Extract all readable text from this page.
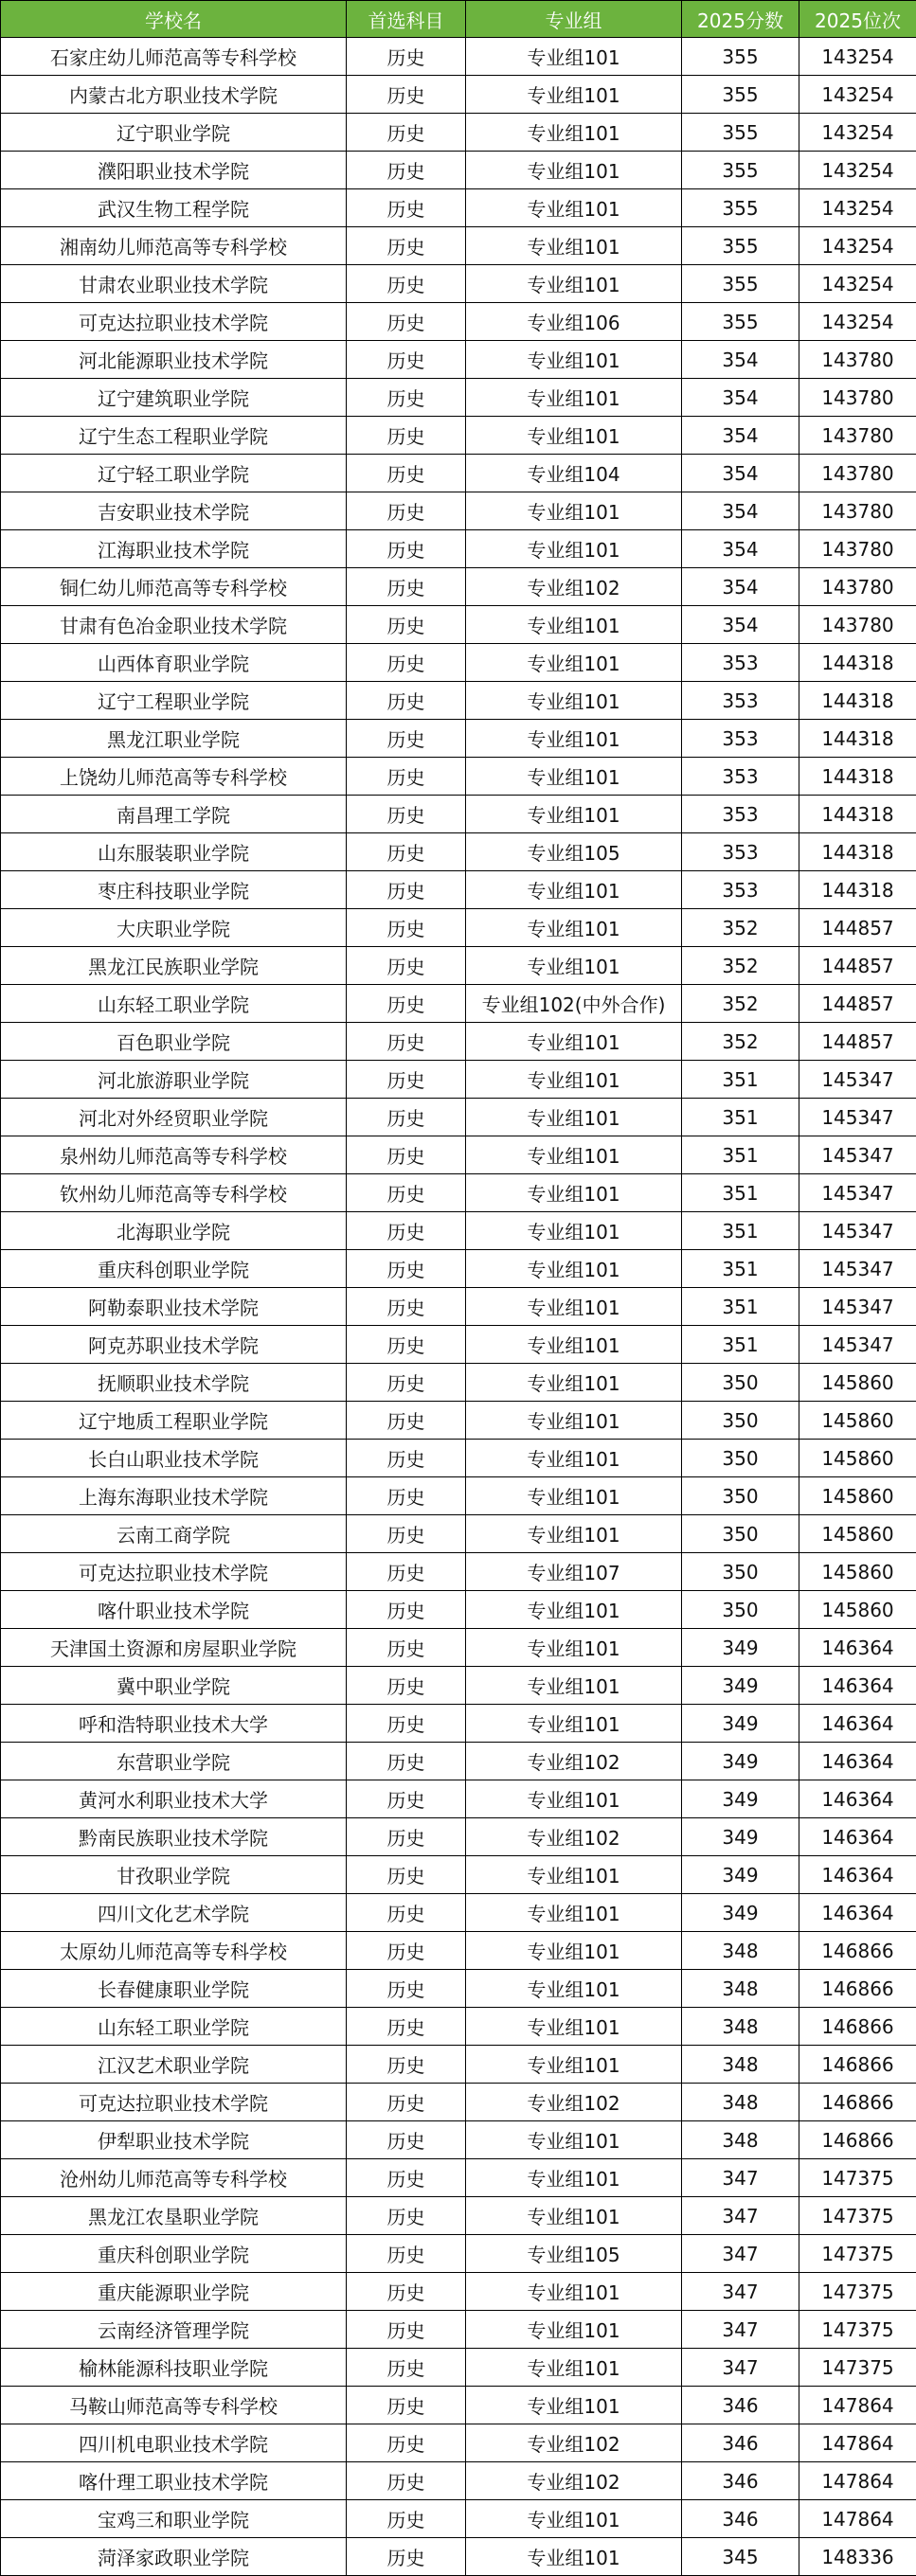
学校名	首选科目	专业组	2025分数	2025位次
石家庄幼儿师范高等专科学校	历史	专业组101	355	143254
内蒙古北方职业技术学院	历史	专业组101	355	143254
辽宁职业学院	历史	专业组101	355	143254
濮阳职业技术学院	历史	专业组101	355	143254
武汉生物工程学院	历史	专业组101	355	143254
湘南幼儿师范高等专科学校	历史	专业组101	355	143254
甘肃农业职业技术学院	历史	专业组101	355	143254
可克达拉职业技术学院	历史	专业组106	355	143254
河北能源职业技术学院	历史	专业组101	354	143780
辽宁建筑职业学院	历史	专业组101	354	143780
辽宁生态工程职业学院	历史	专业组101	354	143780
辽宁轻工职业学院	历史	专业组104	354	143780
吉安职业技术学院	历史	专业组101	354	143780
江海职业技术学院	历史	专业组101	354	143780
铜仁幼儿师范高等专科学校	历史	专业组102	354	143780
甘肃有色冶金职业技术学院	历史	专业组101	354	143780
山西体育职业学院	历史	专业组101	353	144318
辽宁工程职业学院	历史	专业组101	353	144318
黑龙江职业学院	历史	专业组101	353	144318
上饶幼儿师范高等专科学校	历史	专业组101	353	144318
南昌理工学院	历史	专业组101	353	144318
山东服装职业学院	历史	专业组105	353	144318
枣庄科技职业学院	历史	专业组101	353	144318
大庆职业学院	历史	专业组101	352	144857
黑龙江民族职业学院	历史	专业组101	352	144857
山东轻工职业学院	历史	专业组102(中外合作)	352	144857
百色职业学院	历史	专业组101	352	144857
河北旅游职业学院	历史	专业组101	351	145347
河北对外经贸职业学院	历史	专业组101	351	145347
泉州幼儿师范高等专科学校	历史	专业组101	351	145347
钦州幼儿师范高等专科学校	历史	专业组101	351	145347
北海职业学院	历史	专业组101	351	145347
重庆科创职业学院	历史	专业组101	351	145347
阿勒泰职业技术学院	历史	专业组101	351	145347
阿克苏职业技术学院	历史	专业组101	351	145347
抚顺职业技术学院	历史	专业组101	350	145860
辽宁地质工程职业学院	历史	专业组101	350	145860
长白山职业技术学院	历史	专业组101	350	145860
上海东海职业技术学院	历史	专业组101	350	145860
云南工商学院	历史	专业组101	350	145860
可克达拉职业技术学院	历史	专业组107	350	145860
喀什职业技术学院	历史	专业组101	350	145860
天津国土资源和房屋职业学院	历史	专业组101	349	146364
冀中职业学院	历史	专业组101	349	146364
呼和浩特职业技术大学	历史	专业组101	349	146364
东营职业学院	历史	专业组102	349	146364
黄河水利职业技术大学	历史	专业组101	349	146364
黔南民族职业技术学院	历史	专业组102	349	146364
甘孜职业学院	历史	专业组101	349	146364
四川文化艺术学院	历史	专业组101	349	146364
太原幼儿师范高等专科学校	历史	专业组101	348	146866
长春健康职业学院	历史	专业组101	348	146866
山东轻工职业学院	历史	专业组101	348	146866
江汉艺术职业学院	历史	专业组101	348	146866
可克达拉职业技术学院	历史	专业组102	348	146866
伊犁职业技术学院	历史	专业组101	348	146866
沧州幼儿师范高等专科学校	历史	专业组101	347	147375
黑龙江农垦职业学院	历史	专业组101	347	147375
重庆科创职业学院	历史	专业组105	347	147375
重庆能源职业学院	历史	专业组101	347	147375
云南经济管理学院	历史	专业组101	347	147375
榆林能源科技职业学院	历史	专业组101	347	147375
马鞍山师范高等专科学校	历史	专业组101	346	147864
四川机电职业技术学院	历史	专业组102	346	147864
喀什理工职业技术学院	历史	专业组102	346	147864
宝鸡三和职业学院	历史	专业组101	346	147864
菏泽家政职业学院	历史	专业组101	345	148336
